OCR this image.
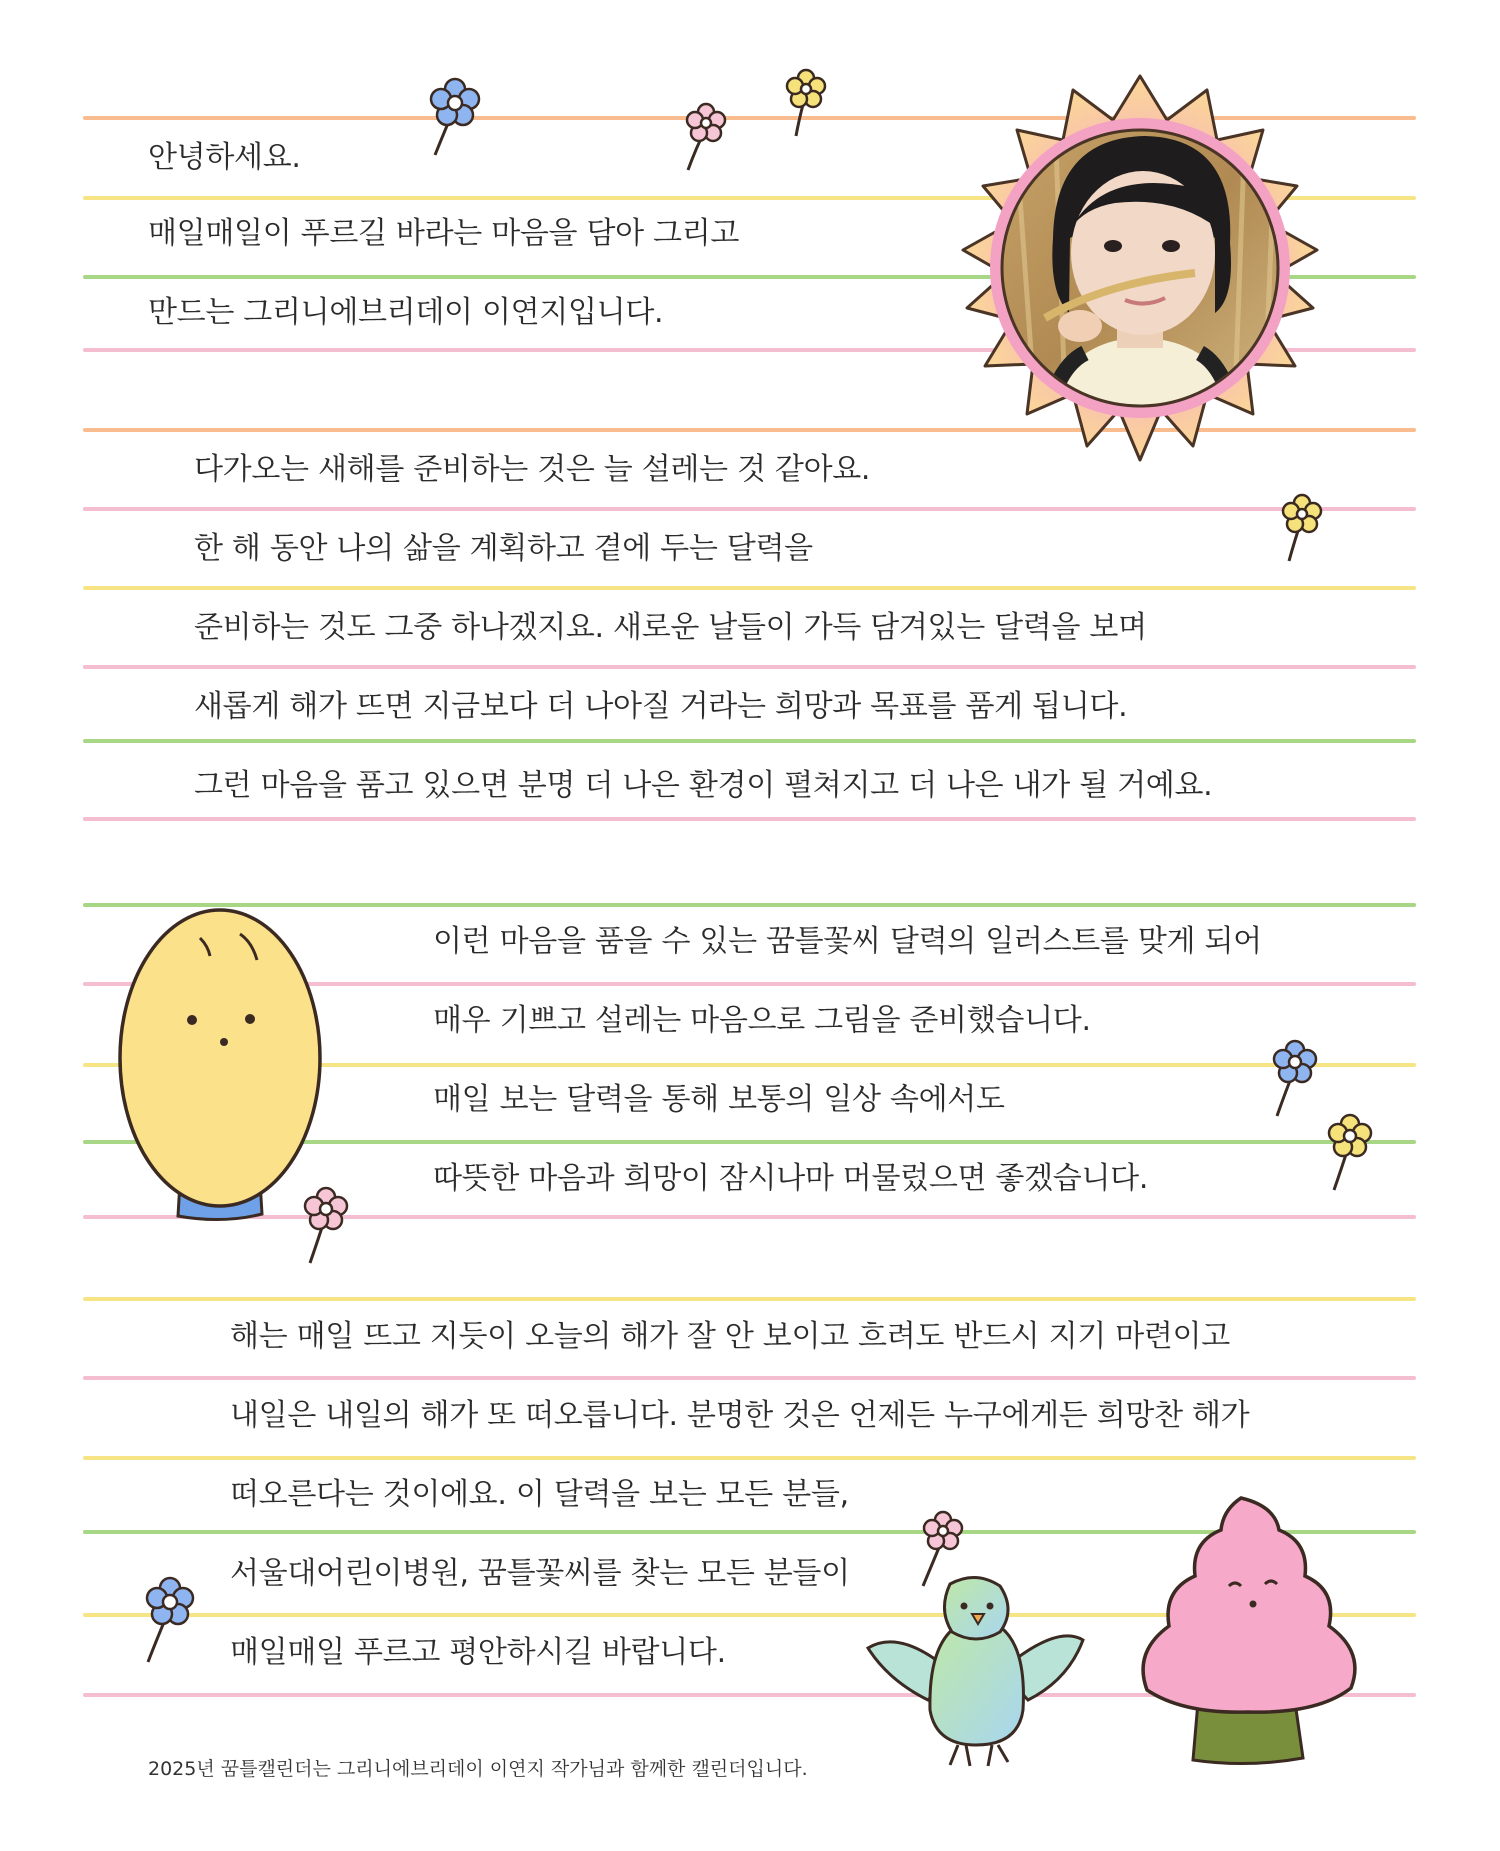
안녕하세요.
매일매일이 푸르길 바라는 마음을 담아 그리고
만드는 그리니에브리데이 이연지입니다.
다가오는 새해를 준비하는 것은 늘 설레는 것 같아요.
한 해 동안 나의 삶을 계획하고 곁에 두는 달력을
준비하는 것도 그중 하나겠지요. 새로운 날들이 가득 담겨있는 달력을 보며
새롭게 해가 뜨면 지금보다 더 나아질 거라는 희망과 목표를 품게 됩니다.
그런 마음을 품고 있으면 분명 더 나은 환경이 펼쳐지고 더 나은 내가 될 거예요.
이런 마음을 품을 수 있는 꿈틀꽃씨 달력의 일러스트를 맞게 되어
매우 기쁘고 설레는 마음으로 그림을 준비했습니다.
매일 보는 달력을 통해 보통의 일상 속에서도
따뜻한 마음과 희망이 잠시나마 머물렀으면 좋겠습니다.
해는 매일 뜨고 지듯이 오늘의 해가 잘 안 보이고 흐려도 반드시 지기 마련이고
내일은 내일의 해가 또 떠오릅니다. 분명한 것은 언제든 누구에게든 희망찬 해가
떠오른다는 것이에요. 이 달력을 보는 모든 분들,
서울대어린이병원, 꿈틀꽃씨를 찾는 모든 분들이
매일매일 푸르고 평안하시길 바랍니다.
2025년 꿈틀캘린더는 그리니에브리데이 이연지 작가님과 함께한 캘린더입니다.
